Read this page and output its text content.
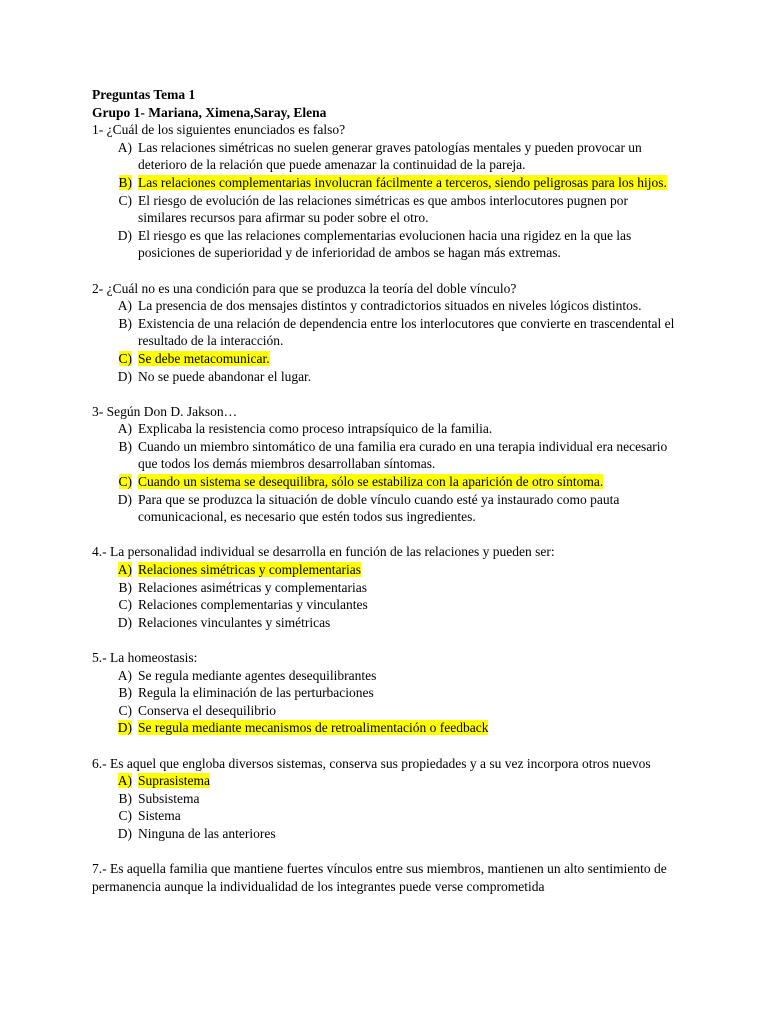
Preguntas Tema 1
Grupo 1- Mariana, Ximena,Saray, Elena
1- ¿Cuál de los siguientes enunciados es falso?
A) Las relaciones simétricas no suelen generar graves patologías mentales y pueden provocar un deterioro de la relación que puede amenazar la continuidad de la pareja.
B) Las relaciones complementarias involucran fácilmente a terceros, siendo peligrosas para los hijos.
C) El riesgo de evolución de las relaciones simétricas es que ambos interlocutores pugnen por similares recursos para afirmar su poder sobre el otro.
D) El riesgo es que las relaciones complementarias evolucionen hacia una rigidez en la que las posiciones de superioridad y de inferioridad de ambos se hagan más extremas.
2- ¿Cuál no es una condición para que se produzca la teoría del doble vínculo?
A) La presencia de dos mensajes distintos y contradictorios situados en niveles lógicos distintos.
B) Existencia de una relación de dependencia entre los interlocutores que convierte en trascendental el resultado de la interacción.
C) Se debe metacomunicar.
D) No se puede abandonar el lugar.
3- Según Don D. Jakson…
A) Explicaba la resistencia como proceso intrapsíquico de la familia.
B) Cuando un miembro sintomático de una familia era curado en una terapia individual era necesario que todos los demás miembros desarrollaban síntomas.
C) Cuando un sistema se desequilibra, sólo se estabiliza con la aparición de otro síntoma.
D) Para que se produzca la situación de doble vínculo cuando esté ya instaurado como pauta comunicacional, es necesario que estén todos sus ingredientes.
4.- La personalidad individual se desarrolla en función de las relaciones y pueden ser:
A) Relaciones simétricas y complementarias
B) Relaciones asimétricas y complementarias
C) Relaciones complementarias y vinculantes
D) Relaciones vinculantes y simétricas
5.- La homeostasis:
A) Se regula mediante agentes desequilibrantes
B) Regula la eliminación de las perturbaciones
C) Conserva el desequilibrio
D) Se regula mediante mecanismos de retroalimentación o feedback
6.- Es aquel que engloba diversos sistemas, conserva sus propiedades y a su vez incorpora otros nuevos
A) Suprasistema
B) Subsistema
C) Sistema
D) Ninguna de las anteriores
7.- Es aquella familia que mantiene fuertes vínculos entre sus miembros, mantienen un alto sentimiento de permanencia aunque la individualidad de los integrantes puede verse comprometida
